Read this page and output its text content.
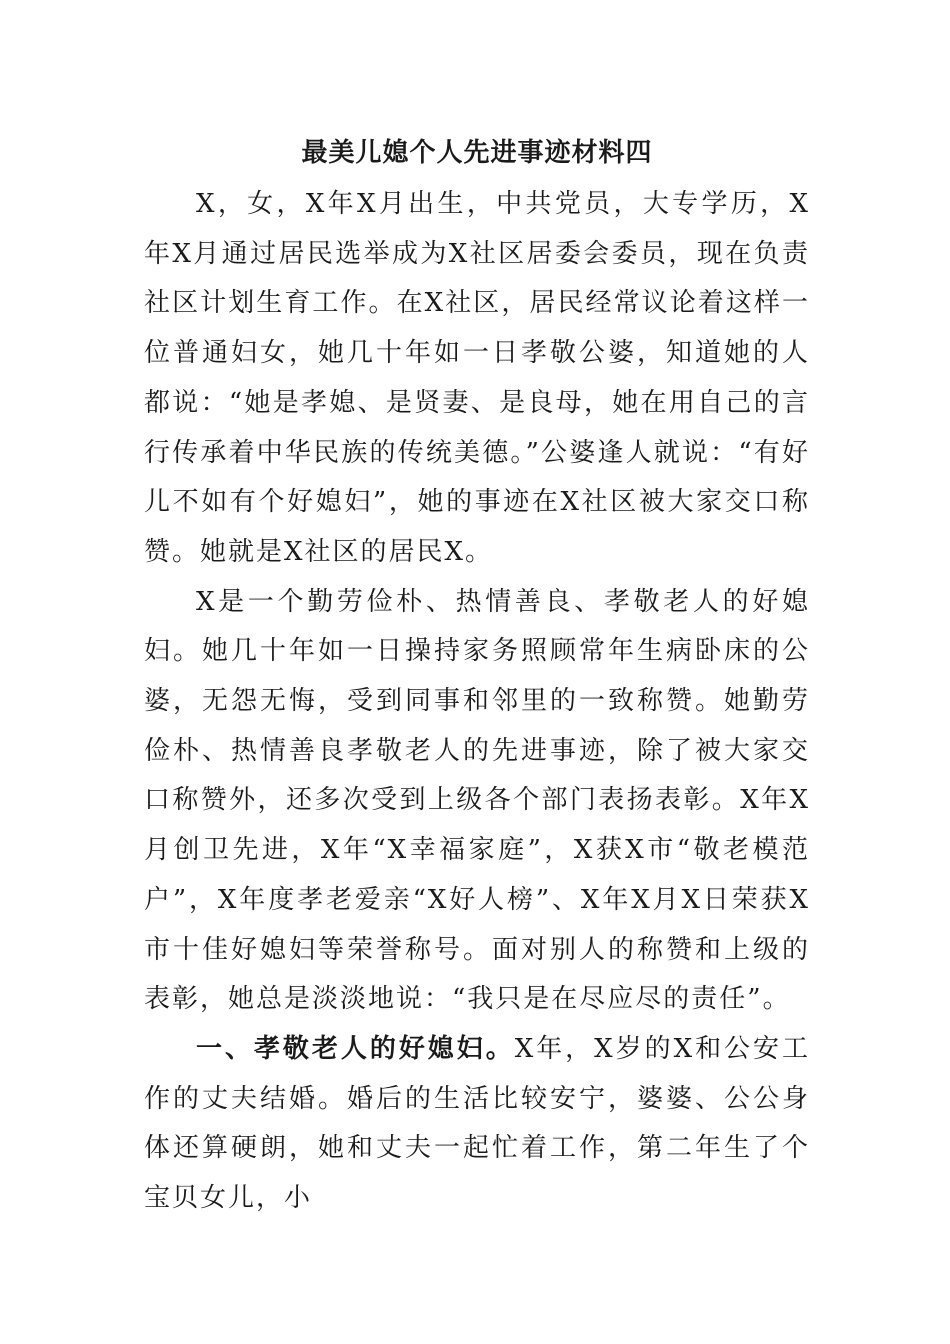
最美儿媳个人先进事迹材料四

X，女，X年X月出生，中共党员，大专学历，X年X月通过居民选举成为X社区居委会委员，现在负责社区计划生育工作。在X社区，居民经常议论着这样一位普通妇女，她几十年如一日孝敬公婆，知道她的人都说：“她是孝媳、是贤妻、是良母，她在用自己的言行传承着中华民族的传统美德。”公婆逢人就说：“有好儿不如有个好媳妇”，她的事迹在X社区被大家交口称赞。她就是X社区的居民X。

X是一个勤劳俭朴、热情善良、孝敬老人的好媳妇。她几十年如一日操持家务照顾常年生病卧床的公婆，无怨无悔，受到同事和邻里的一致称赞。她勤劳俭朴、热情善良孝敬老人的先进事迹，除了被大家交口称赞外，还多次受到上级各个部门表扬表彰。X年X月创卫先进，X年“X幸福家庭”，X获X市“敬老模范户”，X年度孝老爱亲“X好人榜”、X年X月X日荣获X市十佳好媳妇等荣誉称号。面对别人的称赞和上级的表彰，她总是淡淡地说：“我只是在尽应尽的责任”。

一、孝敬老人的好媳妇。X年，X岁的X和公安工作的丈夫结婚。婚后的生活比较安宁，婆婆、公公身体还算硬朗，她和丈夫一起忙着工作，第二年生了个宝贝女儿，小
